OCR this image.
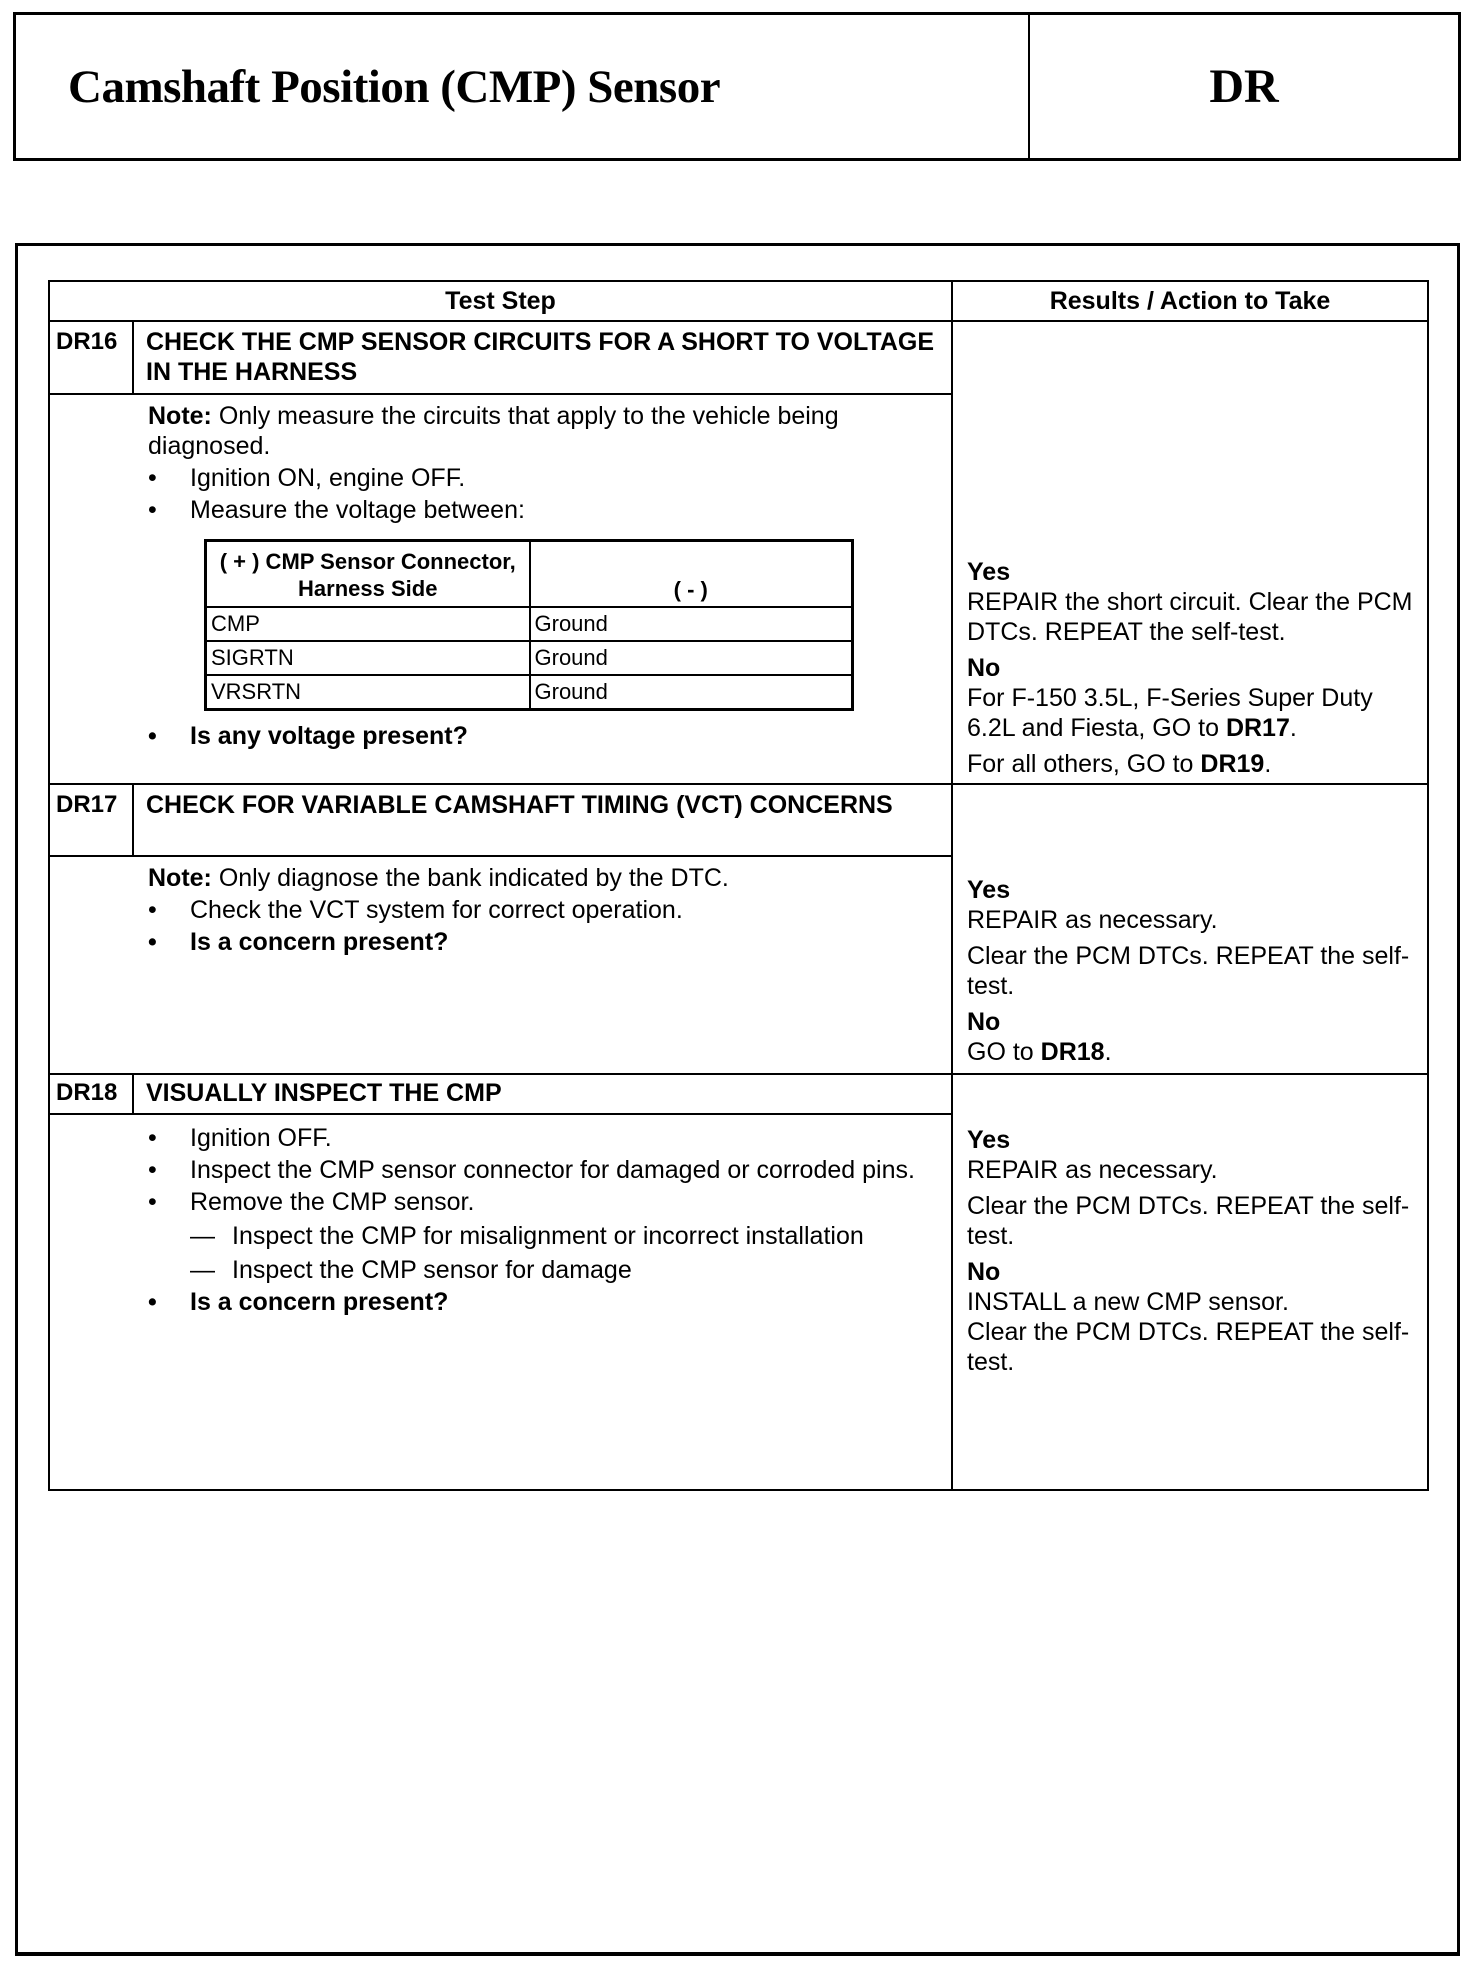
Camshaft Position (CMP) Sensor	DR
Test Step	Results / Action to Take
DR16	CHECK THE CMP SENSOR CIRCUITS FOR A SHORT TO VOLTAGE IN THE HARNESS
Note: Only measure the circuits that apply to the vehicle being diagnosed.
• Ignition ON, engine OFF.
• Measure the voltage between:
( + ) CMP Sensor Connector, Harness Side	( - )
CMP	Ground
SIGRTN	Ground
VRSRTN	Ground
• Is any voltage present?
Yes
REPAIR the short circuit. Clear the PCM DTCs. REPEAT the self-test.

No

For F-150 3.5L, F-Series Super Duty 6.2L and Fiesta, GO to DR17.

For all others, GO to DR19.

DR17	CHECK FOR VARIABLE CAMSHAFT TIMING (VCT) CONCERNS
Note: Only diagnose the bank indicated by the DTC.
• Check the VCT system for correct operation.
• Is a concern present?
Yes
REPAIR as necessary.

Clear the PCM DTCs. REPEAT the self-test.

No

GO to DR18.
DR18	VISUALLY INSPECT THE CMP
• Ignition OFF.
• Inspect the CMP sensor connector for damaged or corroded pins.
• Remove the CMP sensor.
— Inspect the CMP for misalignment or incorrect installation
— Inspect the CMP sensor for damage
• Is a concern present?
Yes
REPAIR as necessary.

Clear the PCM DTCs. REPEAT the self-test.

No

INSTALL a new CMP sensor.
Clear the PCM DTCs. REPEAT the self-test.
